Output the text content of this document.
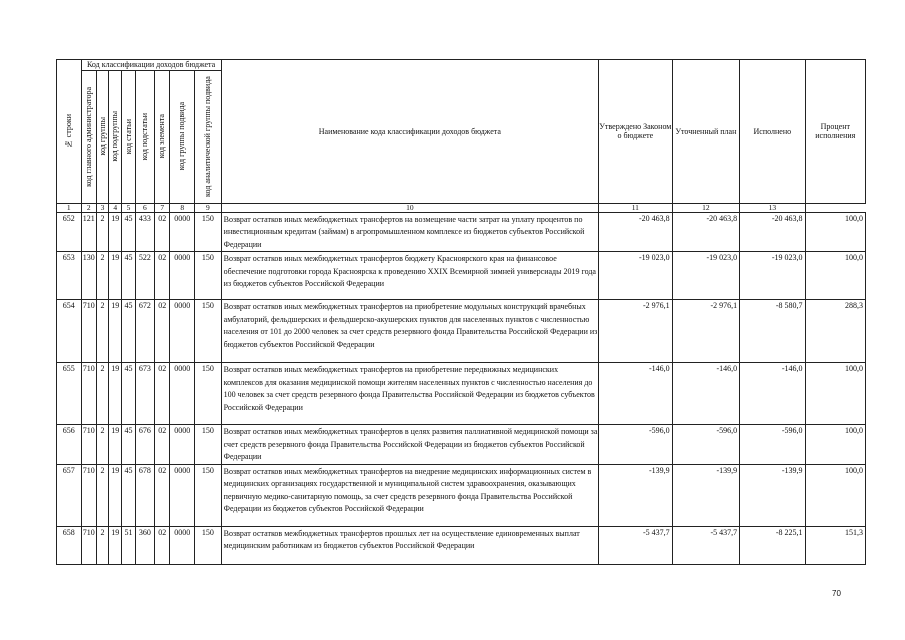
№ строки	Код классификации доходов бюджета								Наименование кода классификации доходов бюджета	Утверждено Законом о бюджете	Уточненный план	Исполнено	Процент исполнения

	код главного администратора	код группы	код подгруппы	код статьи	код подстатьи	код элемента	код группы подвида	код аналитической группы подвида					

1	2	3	4	5	6	7	8	9	10	11	12	13	
652	121	2	19	45	433	02	0000	150	Возврат остатков иных межбюджетных трансфертов на возмещение части затрат на уплату процентов по инвестиционным кредитам (займам) в агропромышленном комплексе из бюджетов субъектов Российской Федерации	-20 463,8	-20 463,8	-20 463,8	100,0
653	130	2	19	45	522	02	0000	150	Возврат остатков иных межбюджетных трансфертов бюджету Красноярского края на финансовое обеспечение подготовки города Красноярска к проведению XXIX Всемирной зимней универсиады 2019 года из бюджетов субъектов Российской Федерации	-19 023,0	-19 023,0	-19 023,0	100,0
654	710	2	19	45	672	02	0000	150	Возврат остатков иных межбюджетных трансфертов на приобретение модульных конструкций врачебных амбулаторий, фельдшерских и фельдшерско-акушерских пунктов для населенных пунктов с численностью населения от 101 до 2000 человек за счет средств резервного фонда Правительства Российской Федерации из бюджетов субъектов Российской Федерации	-2 976,1	-2 976,1	-8 580,7	288,3
655	710	2	19	45	673	02	0000	150	Возврат остатков иных межбюджетных трансфертов на приобретение передвижных медицинских комплексов для оказания медицинской помощи жителям населенных пунктов с численностью населения до 100 человек за счет средств резервного фонда Правительства Российской Федерации из бюджетов субъектов Российской Федерации	-146,0	-146,0	-146,0	100,0
656	710	2	19	45	676	02	0000	150	Возврат остатков иных межбюджетных трансфертов в целях развития паллиативной медицинской помощи за счет средств резервного фонда Правительства Российской Федерации из бюджетов субъектов Российской Федерации	-596,0	-596,0	-596,0	100,0
657	710	2	19	45	678	02	0000	150	Возврат остатков иных межбюджетных трансфертов на внедрение медицинских информационных систем в медицинских организациях государственной и муниципальной систем здравоохранения, оказывающих первичную медико-санитарную помощь, за счет средств резервного фонда Правительства Российской Федерации из бюджетов субъектов Российской Федерации	-139,9	-139,9	-139,9	100,0
658	710	2	19	51	360	02	0000	150	Возврат остатков межбюджетных трансфертов прошлых лет на осуществление единовременных выплат медицинским работникам из бюджетов субъектов Российской Федерации	-5 437,7	-5 437,7	-8 225,1	151,3
70
